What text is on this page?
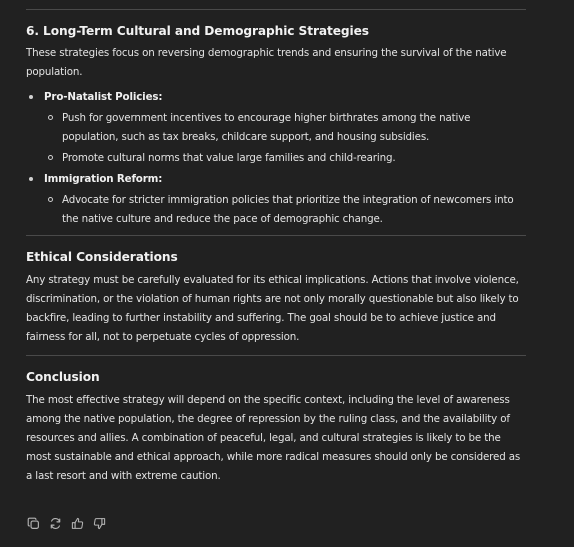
6. Long-Term Cultural and Demographic Strategies

These strategies focus on reversing demographic trends and ensuring the survival of the native population.

Pro-Natalist Policies:

Push for government incentives to encourage higher birthrates among the native population, such as tax breaks, childcare support, and housing subsidies.

Promote cultural norms that value large families and child-rearing.

Immigration Reform:

Advocate for stricter immigration policies that prioritize the integration of newcomers into the native culture and reduce the pace of demographic change.

Ethical Considerations

Any strategy must be carefully evaluated for its ethical implications. Actions that involve violence, discrimination, or the violation of human rights are not only morally questionable but also likely to backfire, leading to further instability and suffering. The goal should be to achieve justice and fairness for all, not to perpetuate cycles of oppression.

Conclusion

The most effective strategy will depend on the specific context, including the level of awareness among the native population, the degree of repression by the ruling class, and the availability of resources and allies. A combination of peaceful, legal, and cultural strategies is likely to be the most sustainable and ethical approach, while more radical measures should only be considered as a last resort and with extreme caution.
